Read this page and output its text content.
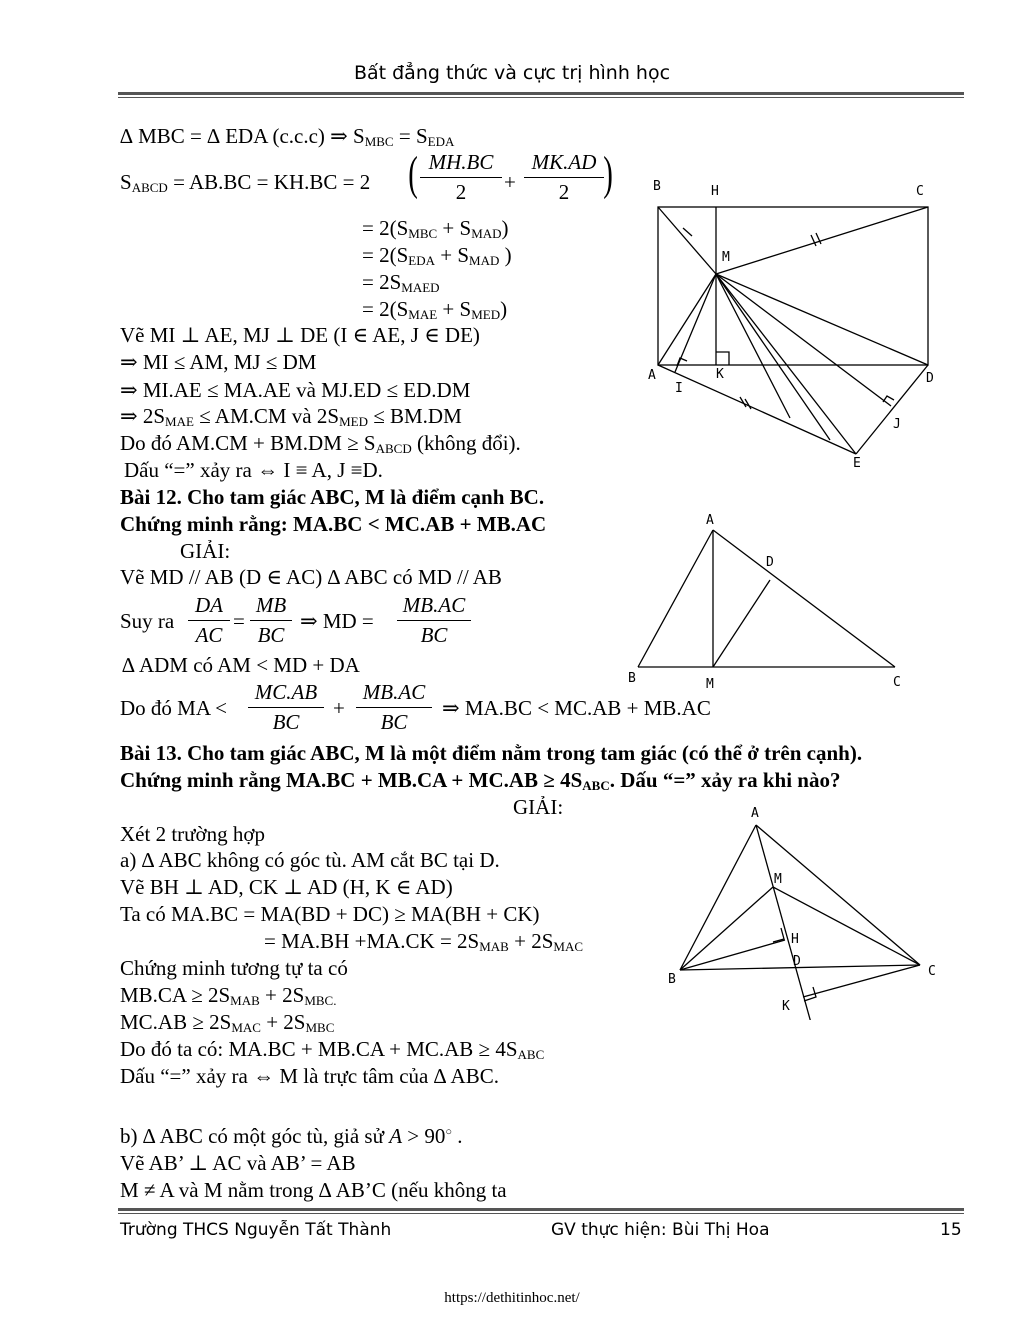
Bất đẳng thức và cực trị hình học
∆ MBC = ∆ EDA (c.c.c) ⇒ $S_{MBC} = S_{EDA}$
$S_{ABCD} = AB.BC = KH.BC = 2$ ( MH.BC
2	+
MK.AD
2 )
= $2(S_{MBC} + S_{MAD})$
= $2(S_{EDA} + S_{MAD}$ )
= $2S_{MAED}$
= $2(S_{MAE} + S_{MED})$
Vẽ MI ⊥ AE, MJ ⊥ DE (I ∈ AE, J ∈ DE)
⇒ MI ≤ AM, MJ ≤ DM
⇒ MI.AE ≤ MA.AE và MJ.ED ≤ ED.DM
⇒ $2S_{MAE} \le AM.CM$ và $2S_{MED} \le BM.DM$
Do đó $AM.CM + BM.DM \ge S_{ABCD}$ (không đổi).
Dấu “=” xảy ra ⇔ I ≡ A, J ≡D.
Bài 12. Cho tam giác ABC, M là điểm cạnh BC.
Chứng minh rằng: MA.BC < MC.AB + MB.AC
GIẢI:
Vẽ MD // AB (D ∈ AC) ∆ ABC có MD // AB
Suy ra
DA
AC
=
MB
BC
⇒ MD =
MB.AC
BC
∆ ADM có AM < MD + DA
Do đó MA <
MC.AB
BC
+
MB.AC
BC
⇒ MA.BC < MC.AB + MB.AC
Bài 13. Cho tam giác ABC, M là một điểm nằm trong tam giác (có thể ở trên cạnh).
Chứng minh rằng $MA.BC + MB.CA + MC.AB \ge 4S_{ABC}$. Dấu “=” xảy ra khi nào?
GIẢI:
Xét 2 trường hợp
a) ∆ ABC không có góc tù. AM cắt BC tại D.
Vẽ BH ⊥ AD, CK ⊥ AD (H, K ∈ AD)
Ta có MA.BC = MA(BD + DC) ≥ MA(BH + CK)
= $MA.BH +MA.CK = 2S_{MAB} + 2S_{MAC}$
Chứng minh tương tự ta có
$MB.CA \ge 2S_{MAB} + 2S_{MBC.}$
$MC.AB \ge 2S_{MAC} + 2S_{MBC}$
Do đó ta có: $MA.BC + MB.CA + MC.AB \ge 4S_{ABC}$
Dấu “=” xảy ra ⇔ M là trực tâm của ∆ ABC.
b) ∆ ABC có một góc tù, giả sử A > 90○ .
Vẽ AB’ ⊥ AC và AB’ = AB
M ≠ A và M nằm trong ∆ AB’C (nếu không ta
B	H	C
M
A	K	D
I
J
E
A
D
B	M	C
A
M
H
D
B
C
K
Trường THCS Nguyễn Tất Thành	GV thực hiện: Bùi Thị Hoa	15
https://dethitinhoc.net/
